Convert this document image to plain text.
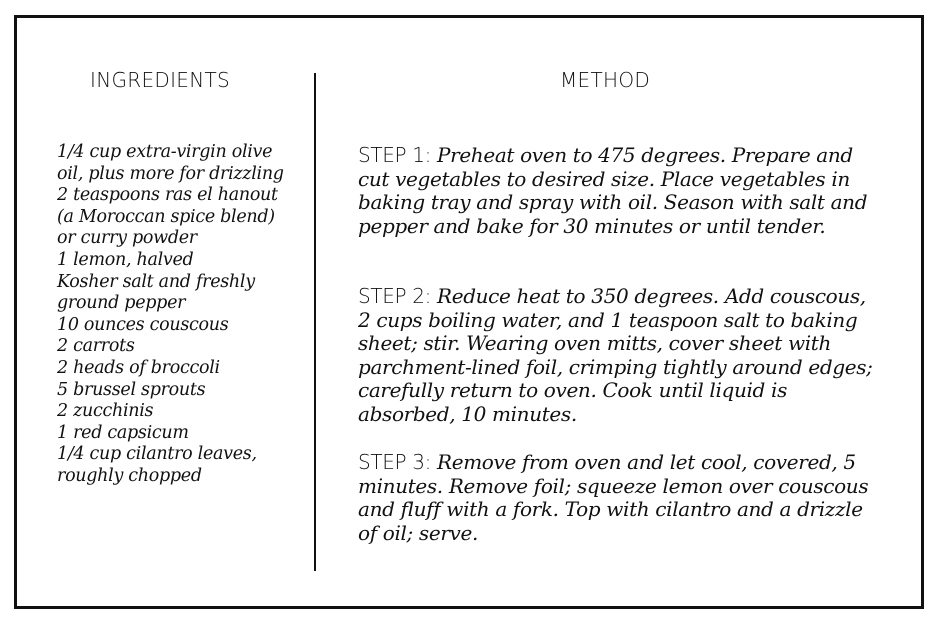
INGREDIENTS
1/4 cup extra-virgin olive oil, plus more for drizzling
2 teaspoons ras el hanout (a Moroccan spice blend) or curry powder
1 lemon, halved
Kosher salt and freshly ground pepper
10 ounces couscous
2 carrots
2 heads of broccoli
5 brussel sprouts
2 zucchinis
1 red capsicum
1/4 cup cilantro leaves, roughly chopped
METHOD

STEP 1: Preheat oven to 475 degrees. Prepare and cut vegetables to desired size. Place vegetables in baking tray and spray with oil. Season with salt and pepper and bake for 30 minutes or until tender.

STEP 2: Reduce heat to 350 degrees. Add couscous, 2 cups boiling water, and 1 teaspoon salt to baking sheet; stir. Wearing oven mitts, cover sheet with parchment-lined foil, crimping tightly around edges; carefully return to oven. Cook until liquid is absorbed, 10 minutes.

STEP 3: Remove from oven and let cool, covered, 5 minutes. Remove foil; squeeze lemon over couscous and fluff with a fork. Top with cilantro and a drizzle of oil; serve.
